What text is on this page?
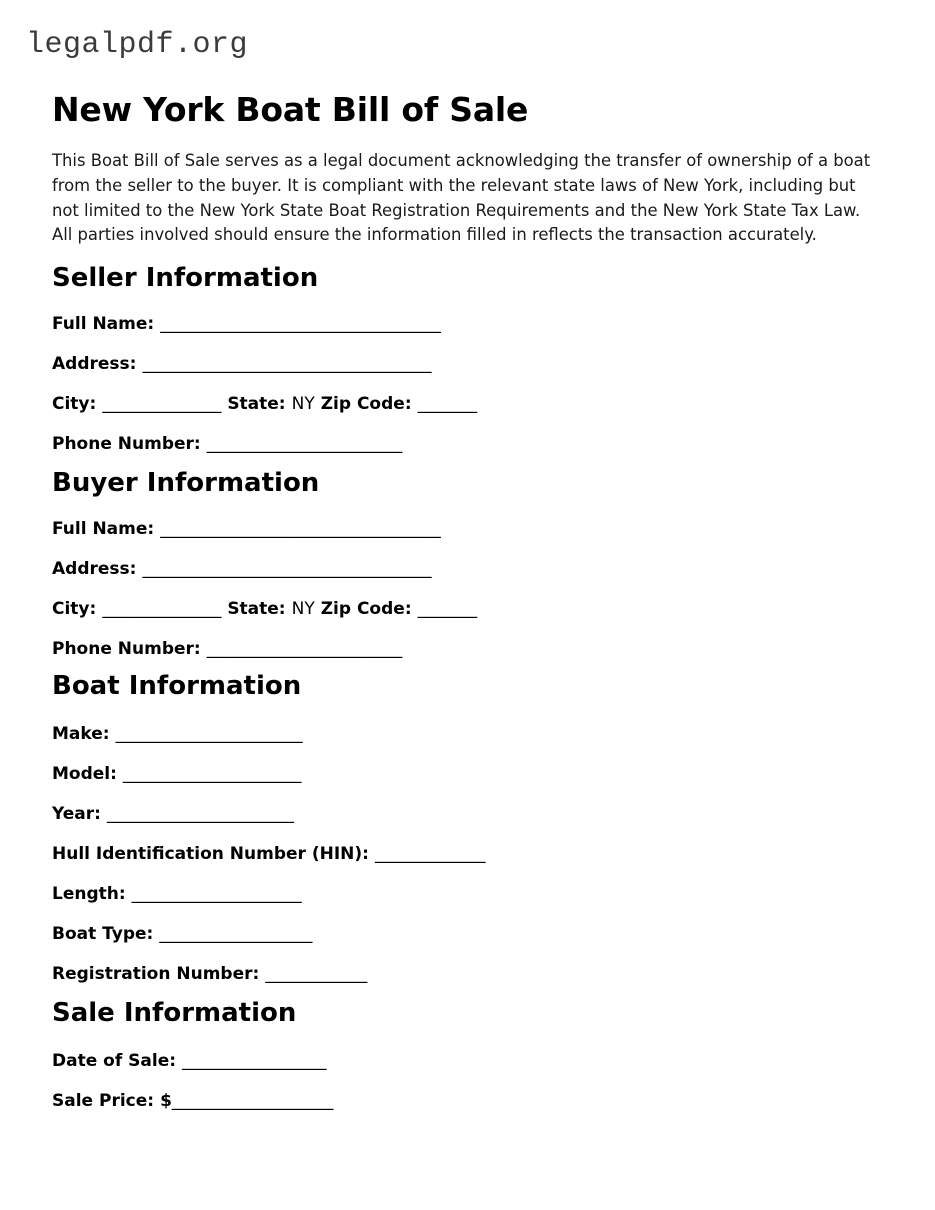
legalpdf.org
New York Boat Bill of Sale

This Boat Bill of Sale serves as a legal document acknowledging the transfer of ownership of a boat from the seller to the buyer. It is compliant with the relevant state laws of New York, including but not limited to the New York State Boat Registration Requirements and the New York State Tax Law. All parties involved should ensure the information filled in reflects the transaction accurately.

Seller Information
Full Name: _________________________________
Address: __________________________________
City: ______________ State: NY Zip Code: _______
Phone Number: _______________________
Buyer Information
Full Name: _________________________________
Address: __________________________________
City: ______________ State: NY Zip Code: _______
Phone Number: _______________________
Boat Information
Make: ______________________
Model: _____________________
Year: ______________________
Hull Identification Number (HIN): _____________
Length: ____________________
Boat Type: __________________
Registration Number: ____________
Sale Information
Date of Sale: _________________
Sale Price: $___________________
